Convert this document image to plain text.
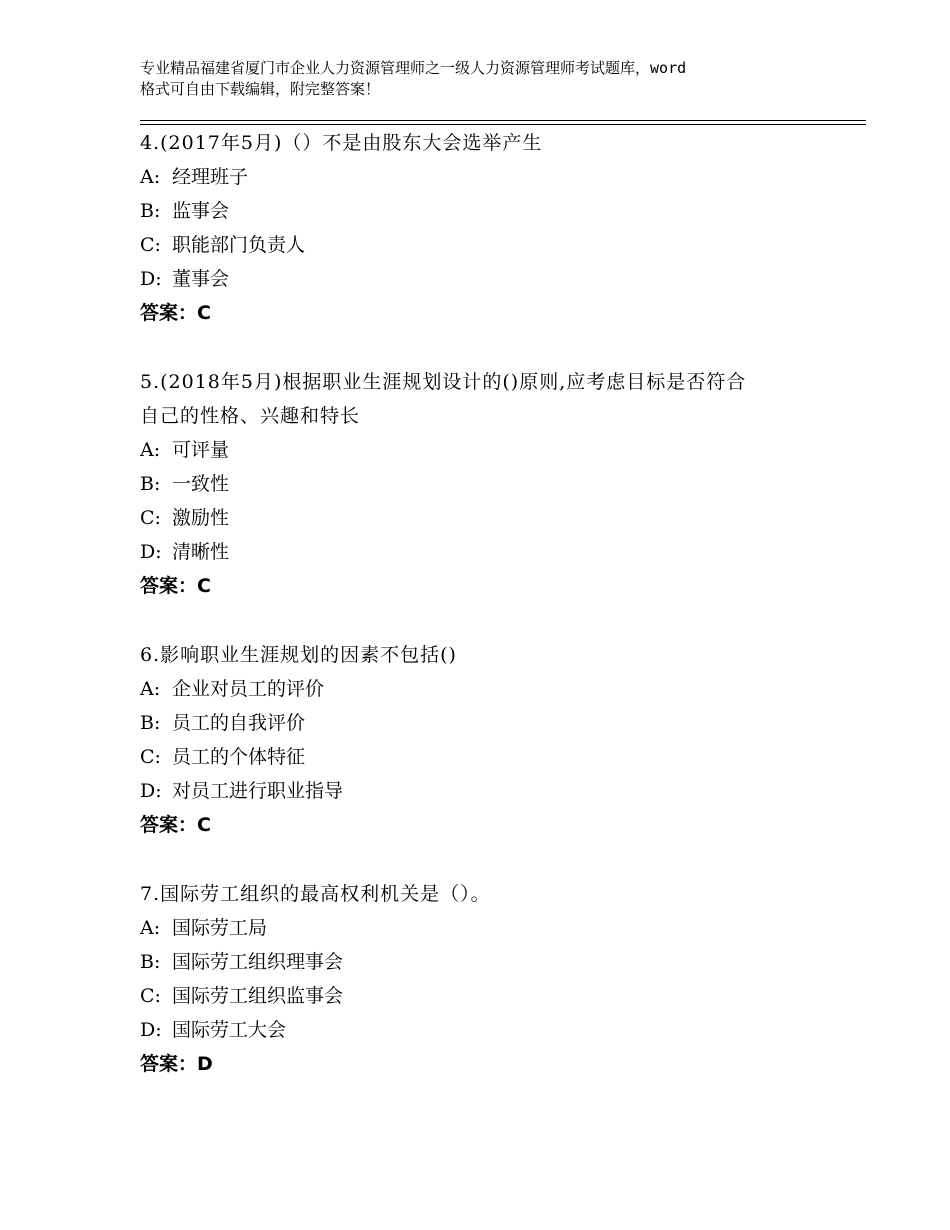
专业精品福建省厦门市企业人力资源管理师之一级人力资源管理师考试题库，word
格式可自由下载编辑，附完整答案！
4.(2017年5月)（）不是由股东大会选举产生
A: 经理班子
B: 监事会
C: 职能部门负责人
D: 董事会
答案：C
5.(2018年5月)根据职业生涯规划设计的()原则,应考虑目标是否符合
自己的性格、兴趣和特长
A: 可评量
B: 一致性
C: 激励性
D: 清晰性
答案：C
6.影响职业生涯规划的因素不包括()
A: 企业对员工的评价
B: 员工的自我评价
C: 员工的个体特征
D: 对员工进行职业指导
答案：C
7.国际劳工组织的最高权利机关是（）。
A: 国际劳工局
B: 国际劳工组织理事会
C: 国际劳工组织监事会
D: 国际劳工大会
答案：D
